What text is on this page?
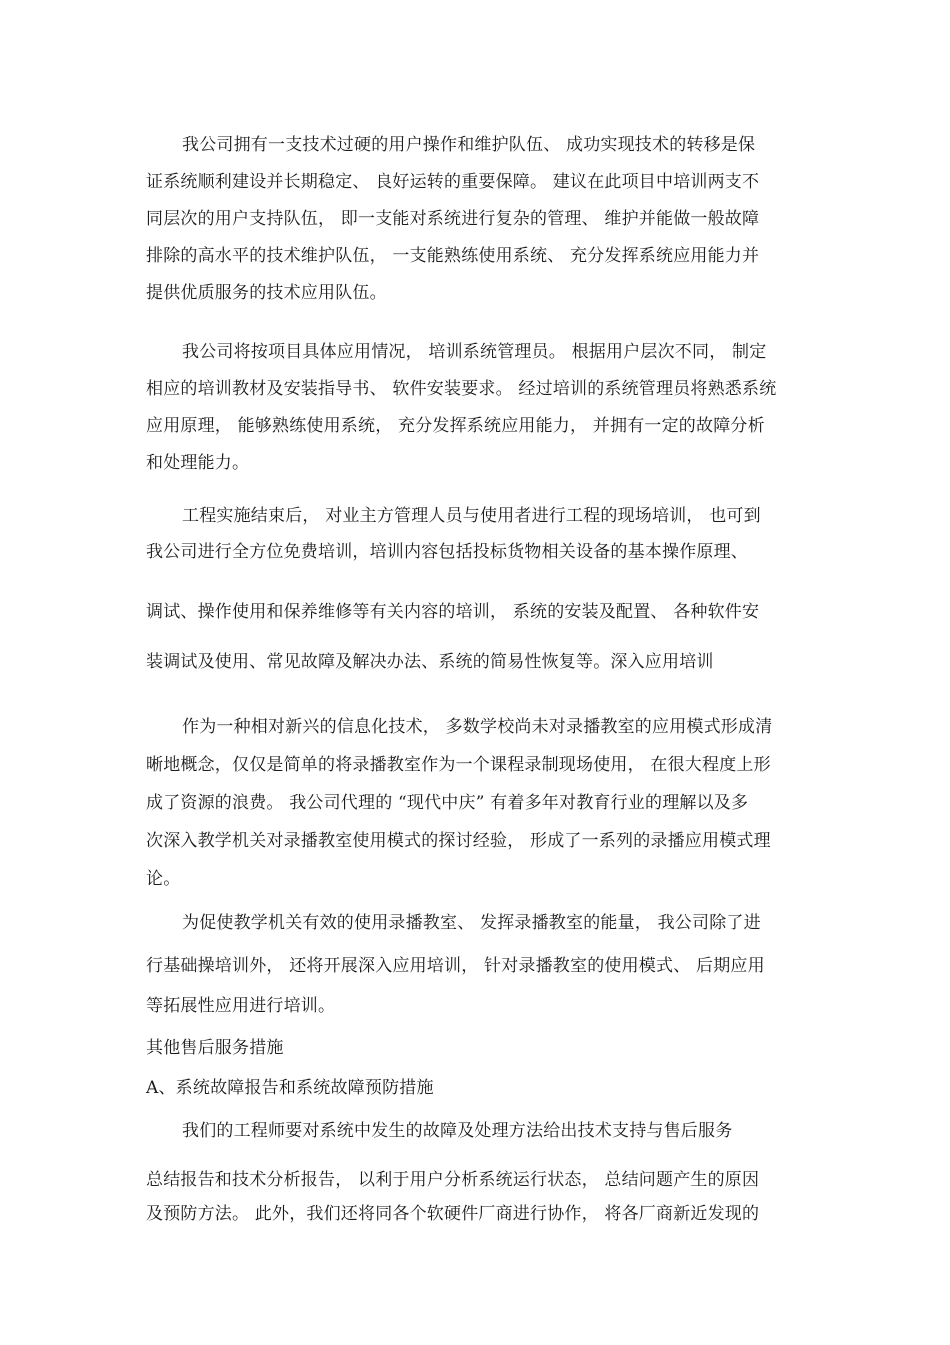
我公司拥有一支技术过硬的用户操作和维护队伍、 成功实现技术的转移是保
证系统顺利建设并长期稳定、 良好运转的重要保障。 建议在此项目中培训两支不
同层次的用户支持队伍， 即一支能对系统进行复杂的管理、 维护并能做一般故障
排除的高水平的技术维护队伍， 一支能熟练使用系统、 充分发挥系统应用能力并
提供优质服务的技术应用队伍。
我公司将按项目具体应用情况， 培训系统管理员。 根据用户层次不同， 制定
相应的培训教材及安装指导书、 软件安装要求。 经过培训的系统管理员将熟悉系统
应用原理， 能够熟练使用系统， 充分发挥系统应用能力， 并拥有一定的故障分析
和处理能力。
工程实施结束后， 对业主方管理人员与使用者进行工程的现场培训， 也可到
我公司进行全方位免费培训，培训内容包括投标货物相关设备的基本操作原理、
调试、操作使用和保养维修等有关内容的培训， 系统的安装及配置、 各种软件安
装调试及使用、常见故障及解决办法、系统的简易性恢复等。深入应用培训
作为一种相对新兴的信息化技术， 多数学校尚未对录播教室的应用模式形成清
晰地概念，仅仅是简单的将录播教室作为一个课程录制现场使用， 在很大程度上形
成了资源的浪费。 我公司代理的 “现代中庆” 有着多年对教育行业的理解以及多
次深入教学机关对录播教室使用模式的探讨经验， 形成了一系列的录播应用模式理
论。
为促使教学机关有效的使用录播教室、 发挥录播教室的能量， 我公司除了进
行基础操培训外， 还将开展深入应用培训， 针对录播教室的使用模式、 后期应用
等拓展性应用进行培训。
其他售后服务措施
A、系统故障报告和系统故障预防措施
我们的工程师要对系统中发生的故障及处理方法给出技术支持与售后服务
总结报告和技术分析报告， 以利于用户分析系统运行状态， 总结问题产生的原因
及预防方法。 此外，我们还将同各个软硬件厂商进行协作， 将各厂商新近发现的
